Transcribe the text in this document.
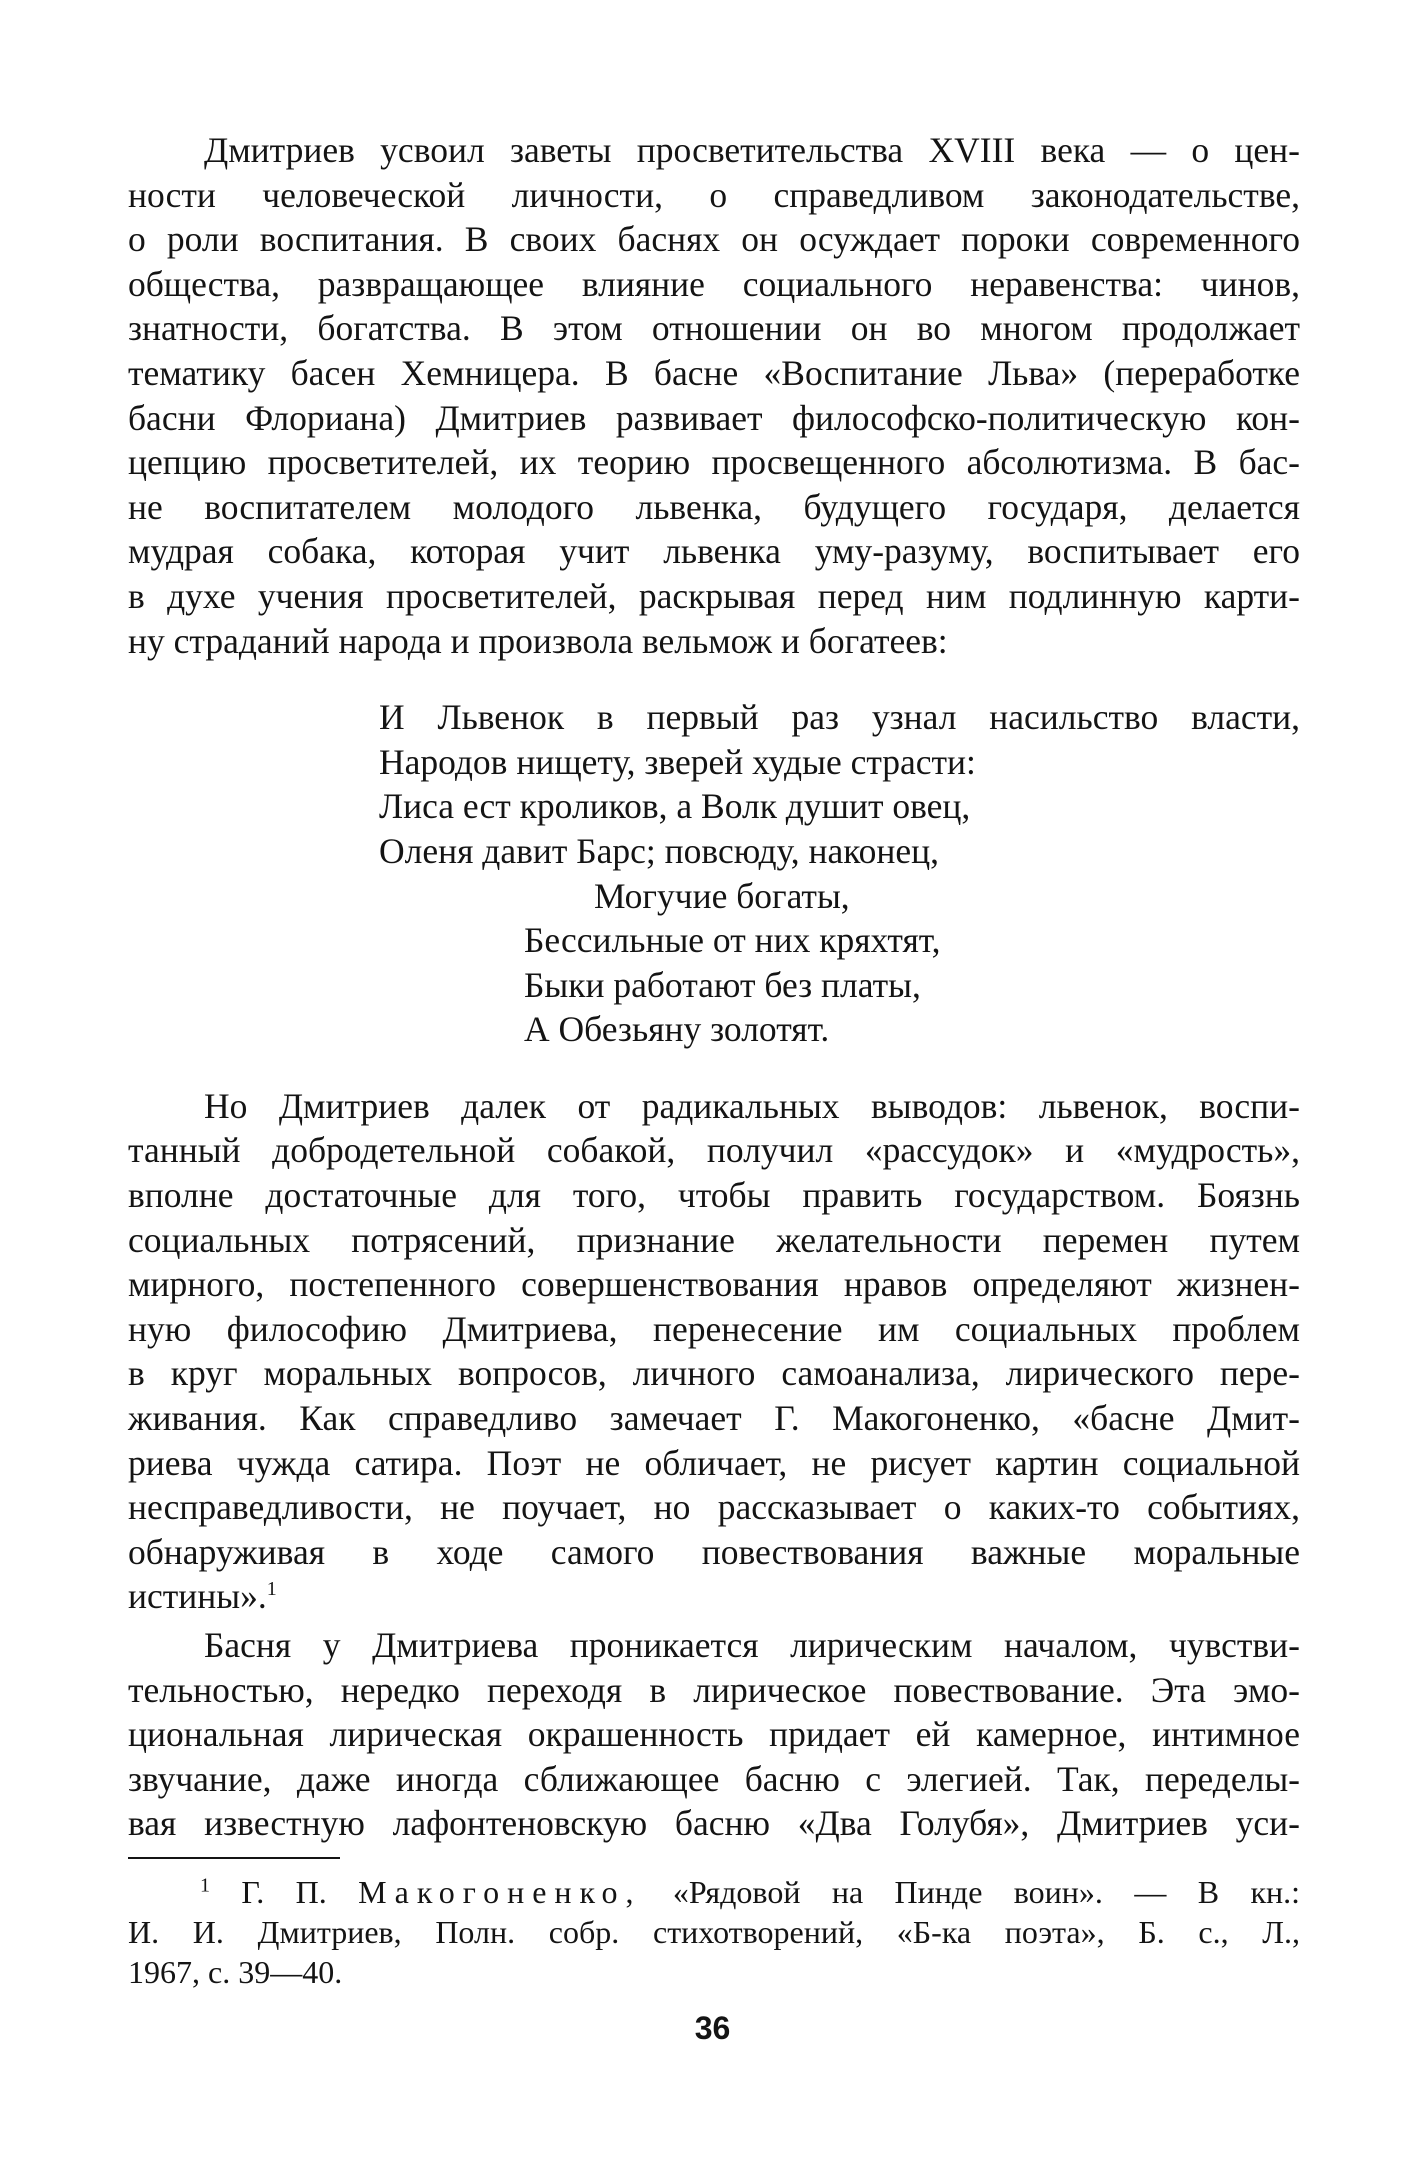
Дмитриев усвоил заветы просветительства XVIII века — о цен-
ности человеческой личности, о справедливом законодательстве,
о роли воспитания. В своих баснях он осуждает пороки современного
общества, развращающее влияние социального неравенства: чинов,
знатности, богатства. В этом отношении он во многом продолжает
тематику басен Хемницера. В басне «Воспитание Льва» (переработке
басни Флориана) Дмитриев развивает философско-политическую кон-
цепцию просветителей, их теорию просвещенного абсолютизма. В бас-
не воспитателем молодого львенка, будущего государя, делается
мудрая собака, которая учит львенка уму-разуму, воспитывает его
в духе учения просветителей, раскрывая перед ним подлинную карти-
ну страданий народа и произвола вельмож и богатеев:

И Львенок в первый раз узнал насильство власти,
Народов нищету, зверей худые страсти:
Лиса ест кроликов, а Волк душит овец,
Оленя давит Барс; повсюду, наконец,
Могучие богаты,
Бессильные от них кряхтят,
Быки работают без платы,
А Обезьяну золотят.

Но Дмитриев далек от радикальных выводов: львенок, воспи-
танный добродетельной собакой, получил «рассудок» и «мудрость»,
вполне достаточные для того, чтобы править государством. Боязнь
социальных потрясений, признание желательности перемен путем
мирного, постепенного совершенствования нравов определяют жизнен-
ную философию Дмитриева, перенесение им социальных проблем
в круг моральных вопросов, личного самоанализа, лирического пере-
живания. Как справедливо замечает Г. Макогоненко, «басне Дмит-
риева чужда сатира. Поэт не обличает, не рисует картин социальной
несправедливости, не поучает, но рассказывает о каких-то событиях,
обнаруживая в ходе самого повествования важные моральные
истины».$^1$

Басня у Дмитриева проникается лирическим началом, чувстви-
тельностью, нередко переходя в лирическое повествование. Эта эмо-
циональная лирическая окрашенность придает ей камерное, интимное
звучание, даже иногда сближающее басню с элегией. Так, переделы-
вая известную лафонтеновскую басню «Два Голубя», Дмитриев уси-

$^1$ Г. П. Макогоненко, «Рядовой на Пинде воин». — В кн.:
И. И. Дмитриев, Полн. собр. стихотворений, «Б-ка поэта», Б. с., Л.,
1967, с. 39—40.
36
